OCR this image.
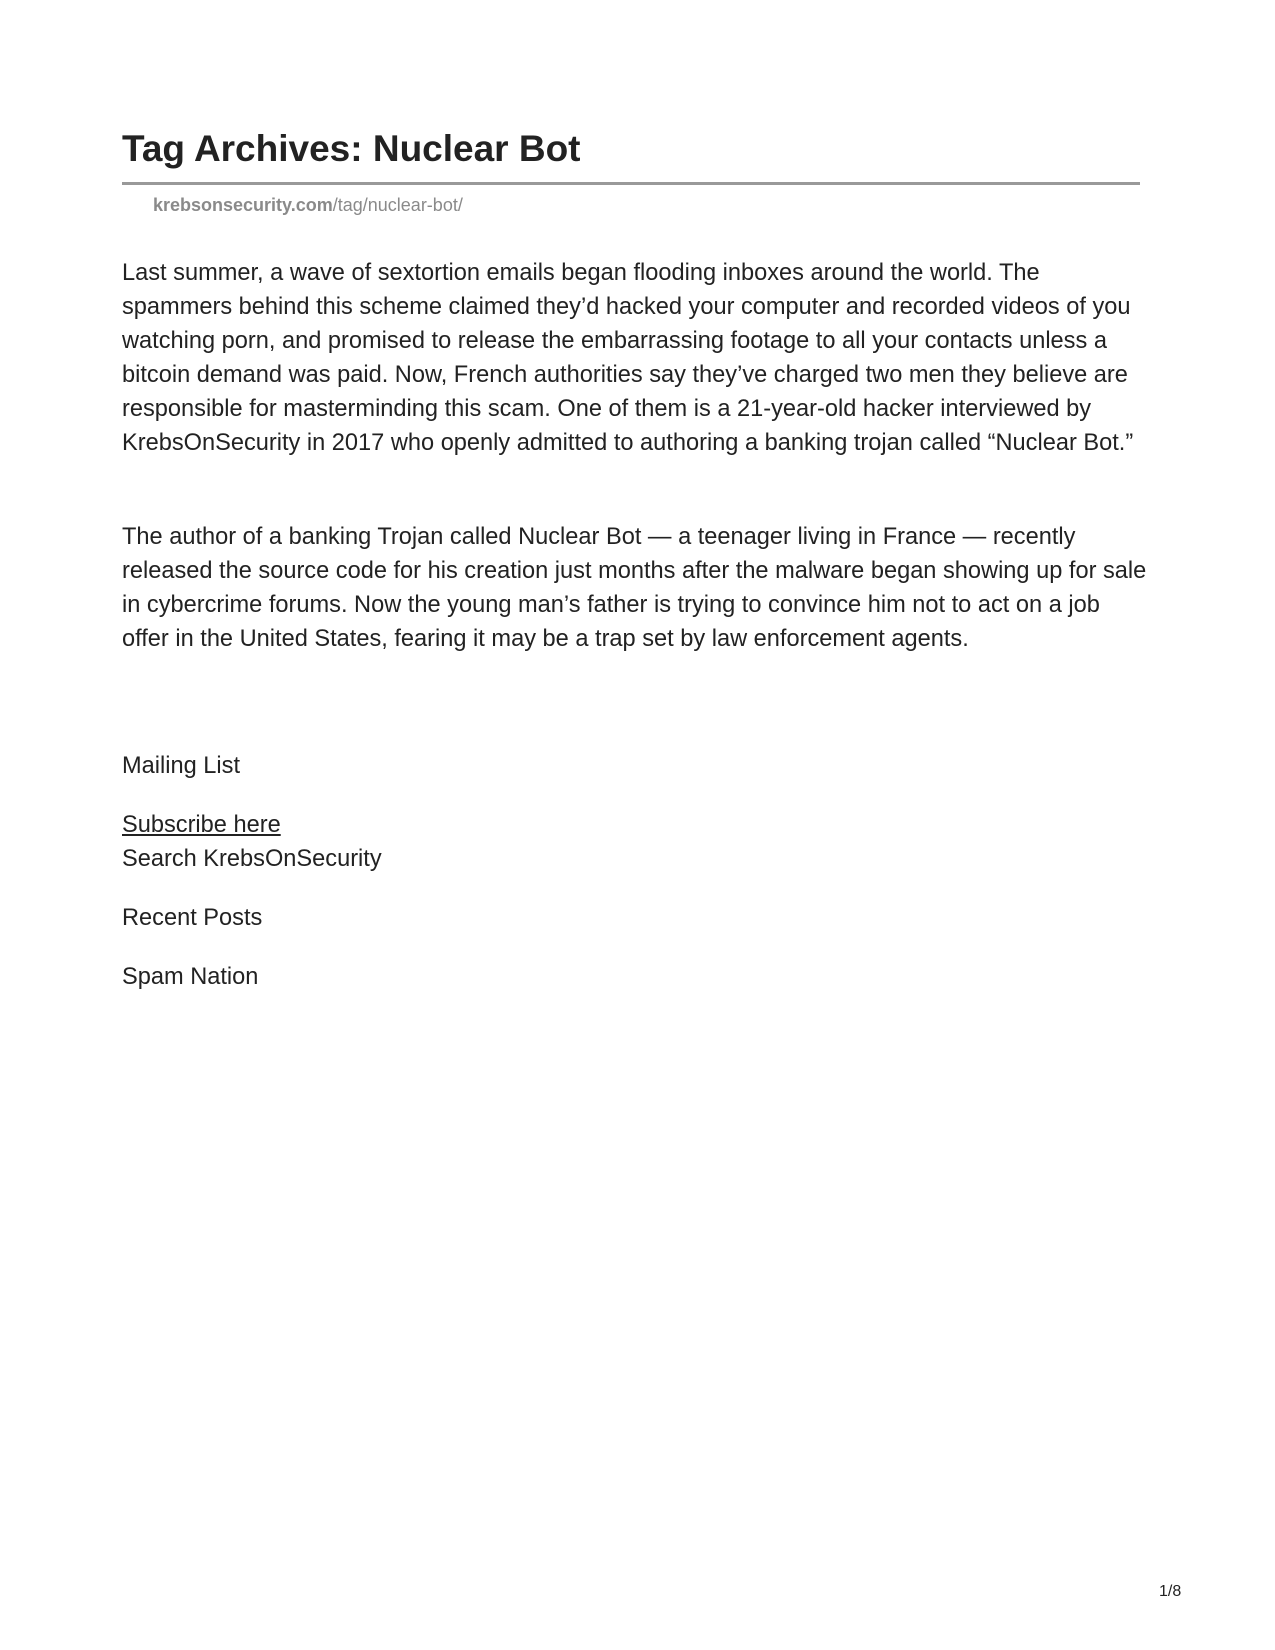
Tag Archives: Nuclear Bot
krebsonsecurity.com/tag/nuclear-bot/

Last summer, a wave of sextortion emails began flooding inboxes around the world. The spammers behind this scheme claimed they’d hacked your computer and recorded videos of you watching porn, and promised to release the embarrassing footage to all your contacts unless a bitcoin demand was paid. Now, French authorities say they’ve charged two men they believe are responsible for masterminding this scam. One of them is a 21-year-old hacker interviewed by KrebsOnSecurity in 2017 who openly admitted to authoring a banking trojan called “Nuclear Bot.”

The author of a banking Trojan called Nuclear Bot — a teenager living in France — recently released the source code for his creation just months after the malware began showing up for sale in cybercrime forums. Now the young man’s father is trying to convince him not to act on a job offer in the United States, fearing it may be a trap set by law enforcement agents.

Mailing List
Subscribe here
Search KrebsOnSecurity
Recent Posts
Spam Nation
1/8
